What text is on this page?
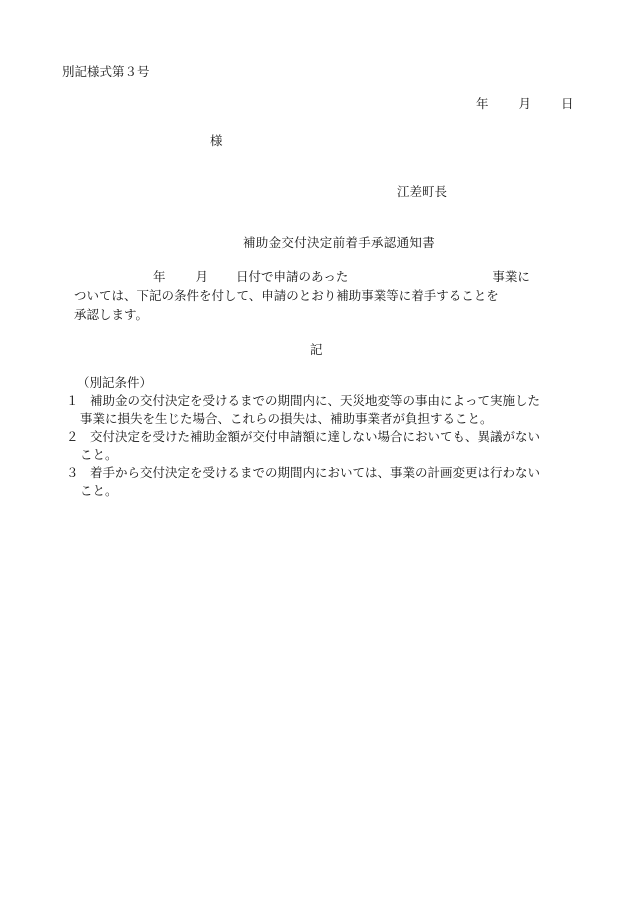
別記様式第３号
年 月 日
様
江差町長
補助金交付決定前着手承認通知書
年 月 日付で申請のあった	事業に
ついては、下記の条件を付して、申請のとおり補助事業等に着手することを
承認します。
記
（別記条件）
１ 補助金の交付決定を受けるまでの期間内に、天災地変等の事由によって実施した
事業に損失を生じた場合、これらの損失は、補助事業者が負担すること。
２ 交付決定を受けた補助金額が交付申請額に達しない場合においても、異議がない
こと。
３ 着手から交付決定を受けるまでの期間内においては、事業の計画変更は行わない
こと。
